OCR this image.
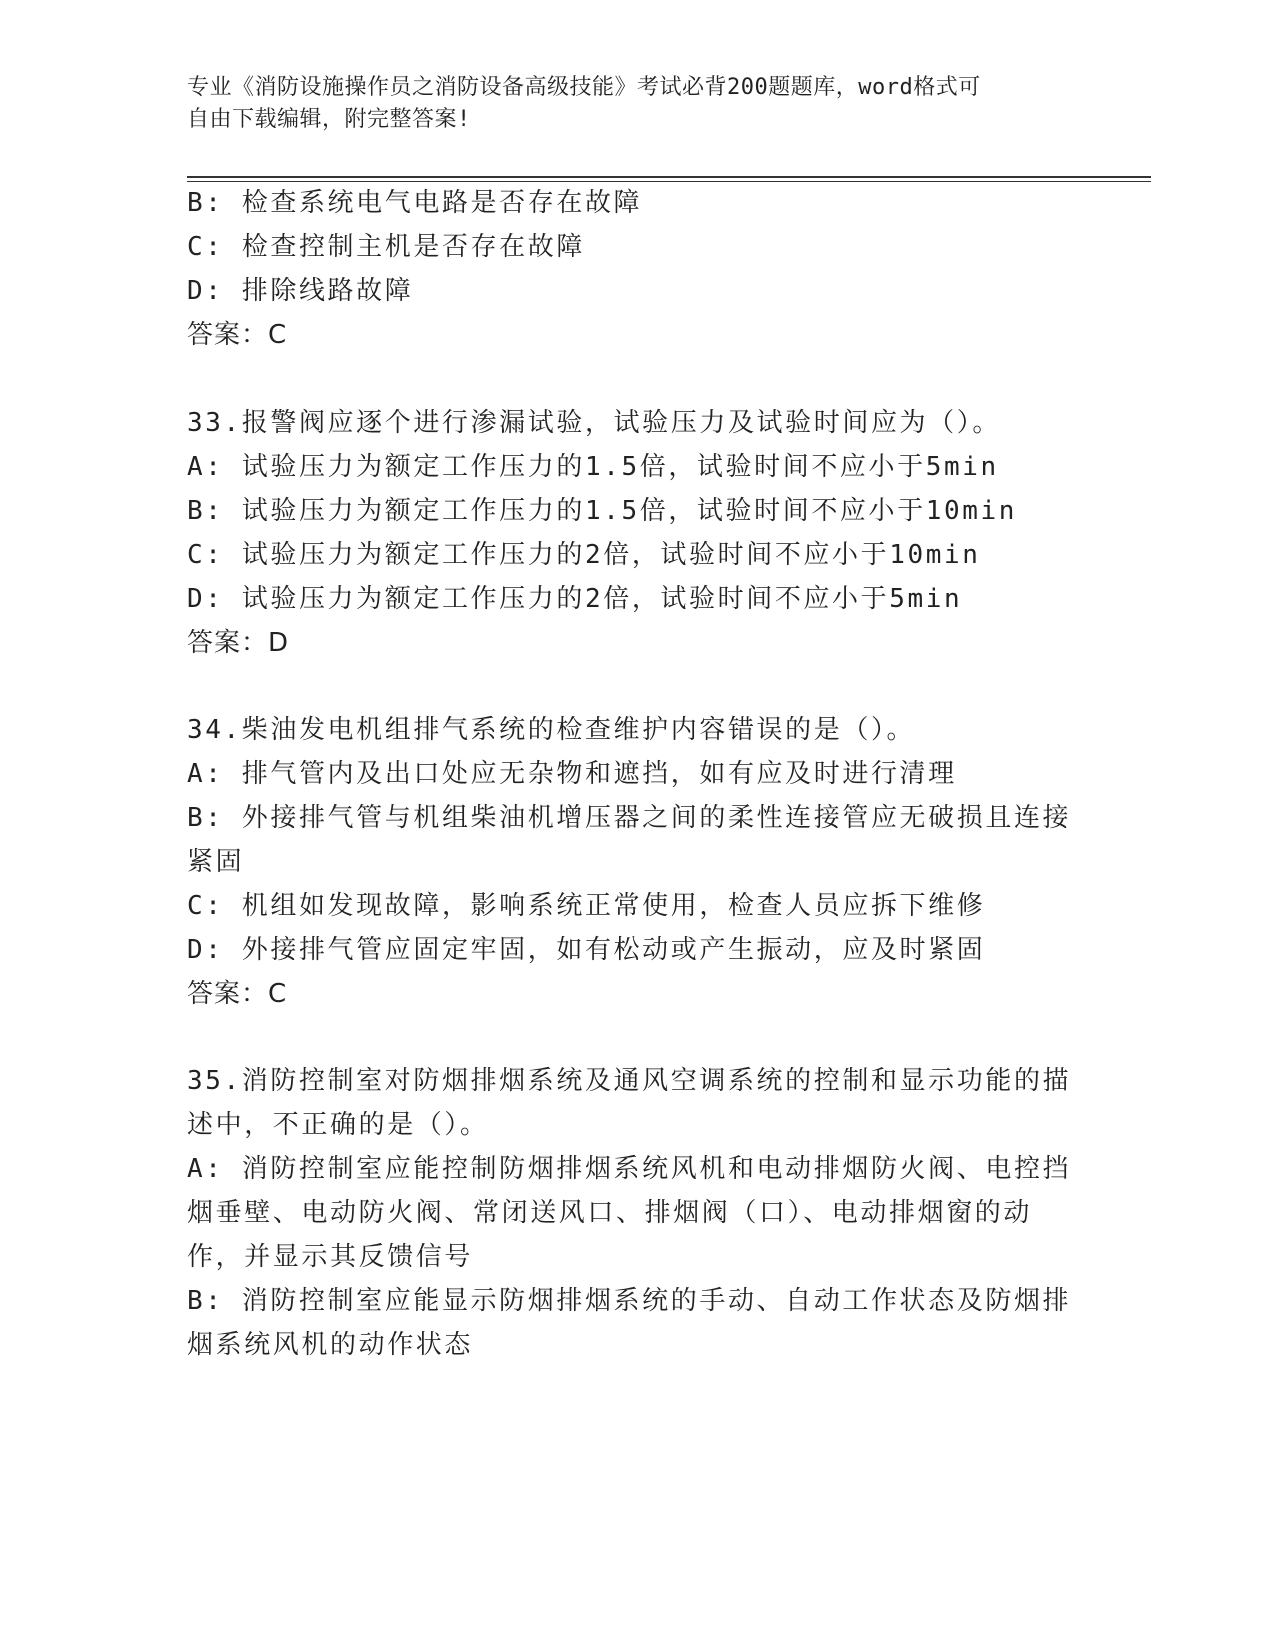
专业《消防设施操作员之消防设备高级技能》考试必背200题题库，word格式可
自由下载编辑，附完整答案!
B: 检查系统电气电路是否存在故障
C: 检查控制主机是否存在故障
D: 排除线路故障
答案：C
33.报警阀应逐个进行渗漏试验，试验压力及试验时间应为（）。
A: 试验压力为额定工作压力的1.5倍，试验时间不应小于5min
B: 试验压力为额定工作压力的1.5倍，试验时间不应小于10min
C: 试验压力为额定工作压力的2倍，试验时间不应小于10min
D: 试验压力为额定工作压力的2倍，试验时间不应小于5min
答案：D
34.柴油发电机组排气系统的检查维护内容错误的是（）。
A: 排气管内及出口处应无杂物和遮挡，如有应及时进行清理
B: 外接排气管与机组柴油机增压器之间的柔性连接管应无破损且连接
紧固
C: 机组如发现故障，影响系统正常使用，检查人员应拆下维修
D: 外接排气管应固定牢固，如有松动或产生振动，应及时紧固
答案：C
35.消防控制室对防烟排烟系统及通风空调系统的控制和显示功能的描
述中，不正确的是（）。
A: 消防控制室应能控制防烟排烟系统风机和电动排烟防火阀、电控挡
烟垂壁、电动防火阀、常闭送风口、排烟阀（口）、电动排烟窗的动
作，并显示其反馈信号
B: 消防控制室应能显示防烟排烟系统的手动、自动工作状态及防烟排
烟系统风机的动作状态
